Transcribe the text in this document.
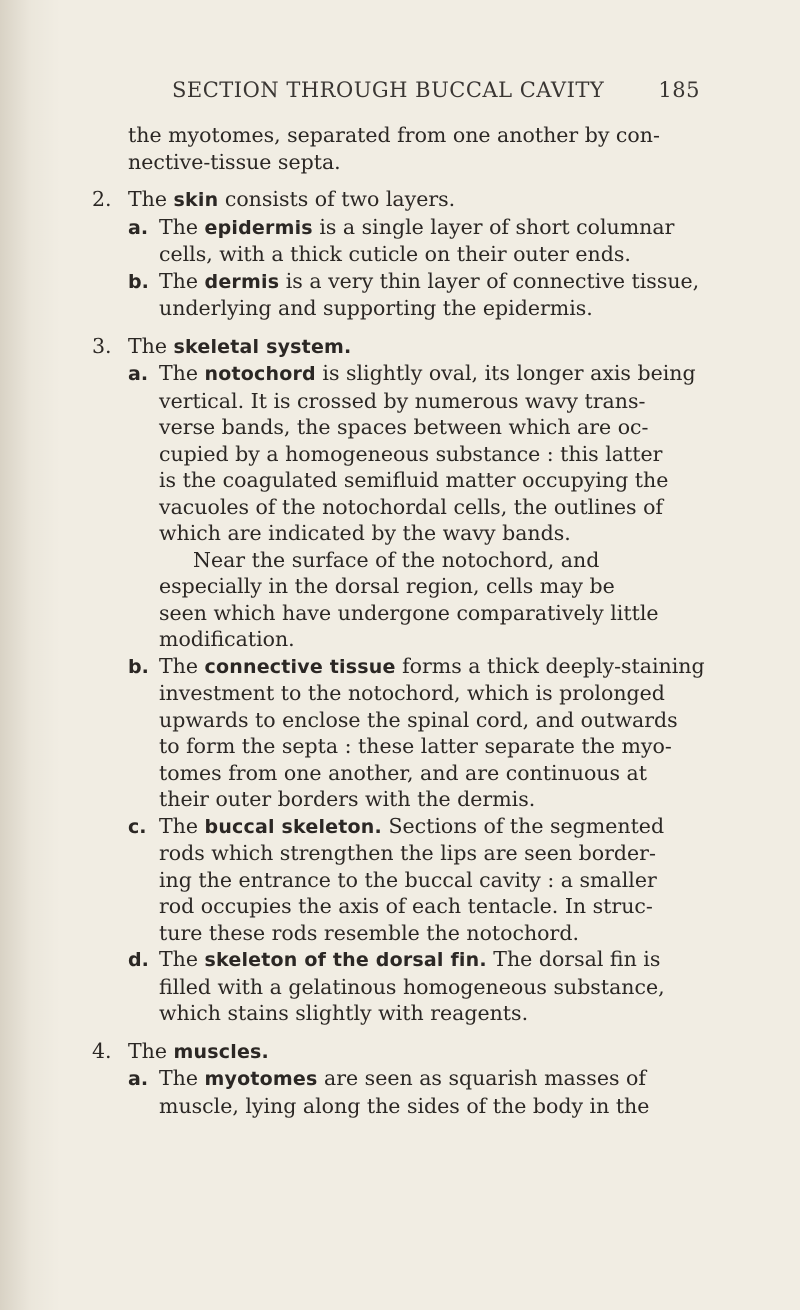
SECTION THROUGH BUCCAL CAVITY	185

the myotomes, separated from one another by con-

nective-tissue septa.

2. The skin consists of two layers.

a. The epidermis is a single layer of short columnar

cells, with a thick cuticle on their outer ends.

b. The dermis is a very thin layer of connective tissue,

underlying and supporting the epidermis.

3. The skeletal system.

a. The notochord is slightly oval, its longer axis being

vertical. It is crossed by numerous wavy trans-

verse bands, the spaces between which are oc-

cupied by a homogeneous substance : this latter

is the coagulated semifluid matter occupying the

vacuoles of the notochordal cells, the outlines of

which are indicated by the wavy bands.

Near the surface of the notochord, and

especially in the dorsal region, cells may be

seen which have undergone comparatively little

modification.

b. The connective tissue forms a thick deeply-staining

investment to the notochord, which is prolonged

upwards to enclose the spinal cord, and outwards

to form the septa : these latter separate the myo-

tomes from one another, and are continuous at

their outer borders with the dermis.

c. The buccal skeleton. Sections of the segmented

rods which strengthen the lips are seen border-

ing the entrance to the buccal cavity : a smaller

rod occupies the axis of each tentacle. In struc-

ture these rods resemble the notochord.

d. The skeleton of the dorsal fin. The dorsal fin is

filled with a gelatinous homogeneous substance,

which stains slightly with reagents.

4. The muscles.

a. The myotomes are seen as squarish masses of

muscle, lying along the sides of the body in the
